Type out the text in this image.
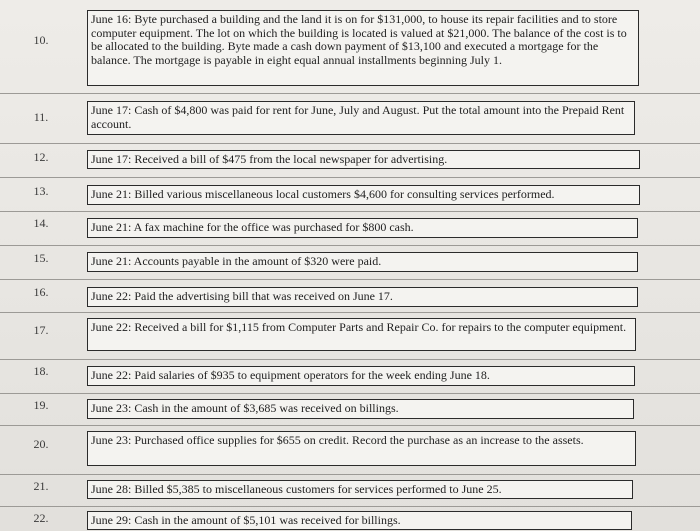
10.
June 16: Byte purchased a building and the land it is on for $131,000, to house its repair facilities and to store computer equipment. The lot on which the building is located is valued at $21,000. The balance of the cost is to be allocated to the building. Byte made a cash down payment of $13,100 and executed a mortgage for the balance. The mortgage is payable in eight equal annual installments beginning July 1.
11.	June 17: Cash of $4,800 was paid for rent for June, July and August. Put the total amount into the Prepaid Rent account.
12.	June 17: Received a bill of $475 from the local newspaper for advertising.
13.	June 21: Billed various miscellaneous local customers $4,600 for consulting services performed.
14.	June 21: A fax machine for the office was purchased for $800 cash.
15.	June 21: Accounts payable in the amount of $320 were paid.
16.	June 22: Paid the advertising bill that was received on June 17.
17.	June 22: Received a bill for $1,115 from Computer Parts and Repair Co. for repairs to the computer equipment.
18.	June 22: Paid salaries of $935 to equipment operators for the week ending June 18.
19.	June 23: Cash in the amount of $3,685 was received on billings.
20.	June 23: Purchased office supplies for $655 on credit. Record the purchase as an increase to the assets.
21.	June 28: Billed $5,385 to miscellaneous customers for services performed to June 25.
22.	June 29: Cash in the amount of $5,101 was received for billings.
